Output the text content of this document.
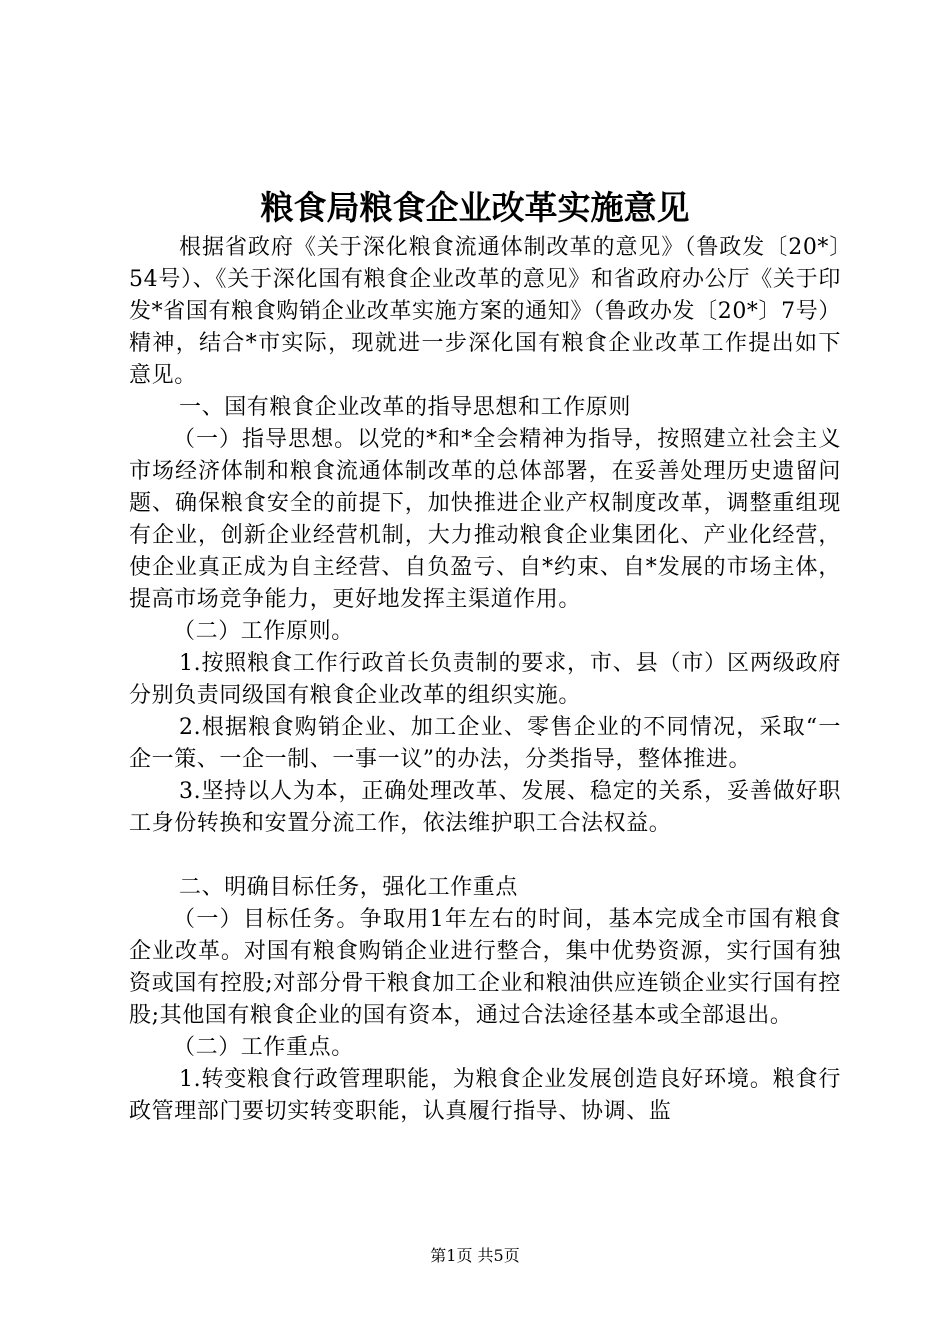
粮食局粮食企业改革实施意见

根据省政府《关于深化粮食流通体制改革的意见》（鲁政发〔20*〕54号）、《关于深化国有粮食企业改革的意见》和省政府办公厅《关于印发*省国有粮食购销企业改革实施方案的通知》（鲁政办发〔20*〕7号）精神，结合*市实际，现就进一步深化国有粮食企业改革工作提出如下意见。

一、国有粮食企业改革的指导思想和工作原则

（一）指导思想。以党的*和*全会精神为指导，按照建立社会主义市场经济体制和粮食流通体制改革的总体部署，在妥善处理历史遗留问题、确保粮食安全的前提下，加快推进企业产权制度改革，调整重组现有企业，创新企业经营机制，大力推动粮食企业集团化、产业化经营，使企业真正成为自主经营、自负盈亏、自*约束、自*发展的市场主体，提高市场竞争能力，更好地发挥主渠道作用。

（二）工作原则。

1.按照粮食工作行政首长负责制的要求，市、县（市）区两级政府分别负责同级国有粮食企业改革的组织实施。

2.根据粮食购销企业、加工企业、零售企业的不同情况，采取“一企一策、一企一制、一事一议”的办法，分类指导，整体推进。

3.坚持以人为本，正确处理改革、发展、稳定的关系，妥善做好职工身份转换和安置分流工作，依法维护职工合法权益。

二、明确目标任务，强化工作重点

（一）目标任务。争取用1年左右的时间，基本完成全市国有粮食企业改革。对国有粮食购销企业进行整合，集中优势资源，实行国有独资或国有控股;对部分骨干粮食加工企业和粮油供应连锁企业实行国有控股;其他国有粮食企业的国有资本，通过合法途径基本或全部退出。

（二）工作重点。

1.转变粮食行政管理职能，为粮食企业发展创造良好环境。粮食行政管理部门要切实转变职能，认真履行指导、协调、监

第1页 共5页
